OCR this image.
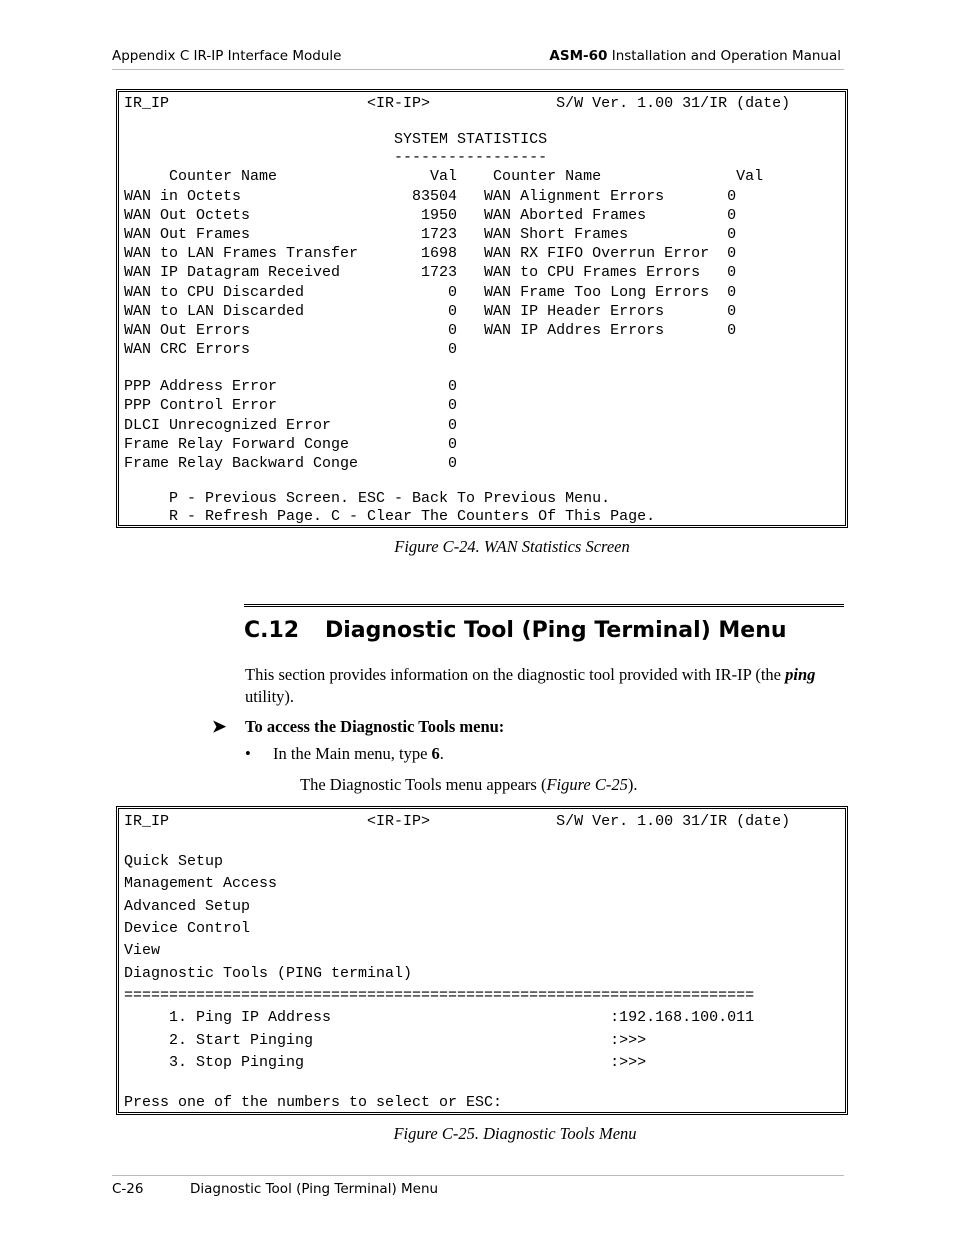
Appendix C IR-IP Interface Module	ASM-60 Installation and Operation Manual

IR_IP                      <IR-IP>              S/W Ver. 1.00 31/IR (date)

SYSTEM STATISTICS

-----------------

Counter Name                 Val    Counter Name               Val

WAN in Octets                   83504   WAN Alignment Errors       0

WAN Out Octets                   1950   WAN Aborted Frames         0

WAN Out Frames                   1723   WAN Short Frames           0

WAN to LAN Frames Transfer       1698   WAN RX FIFO Overrun Error  0

WAN IP Datagram Received         1723   WAN to CPU Frames Errors   0

WAN to CPU Discarded                0   WAN Frame Too Long Errors  0

WAN to LAN Discarded                0   WAN IP Header Errors       0

WAN Out Errors                      0   WAN IP Addres Errors       0

WAN CRC Errors                      0

PPP Address Error                   0

PPP Control Error                   0

DLCI Unrecognized Error             0

Frame Relay Forward Conge           0

Frame Relay Backward Conge          0

P - Previous Screen. ESC - Back To Previous Menu.

R - Refresh Page. C - Clear The Counters Of This Page.

Figure C-24. WAN Statistics Screen
C.12 Diagnostic Tool (Ping Terminal) Menu
This section provides information on the diagnostic tool provided with IR-IP (the ping utility).
➤ To access the Diagnostic Tools menu:
• In the Main menu, type 6.
The Diagnostic Tools menu appears (Figure C-25).

IR_IP                      <IR-IP>              S/W Ver. 1.00 31/IR (date)

Quick Setup

Management Access

Advanced Setup

Device Control

View

Diagnostic Tools (PING terminal)

======================================================================

1. Ping IP Address                               :192.168.100.011

2. Start Pinging                                 :>>>

3. Stop Pinging                                  :>>>

Press one of the numbers to select or ESC:

Figure C-25. Diagnostic Tools Menu
C-26	Diagnostic Tool (Ping Terminal) Menu
